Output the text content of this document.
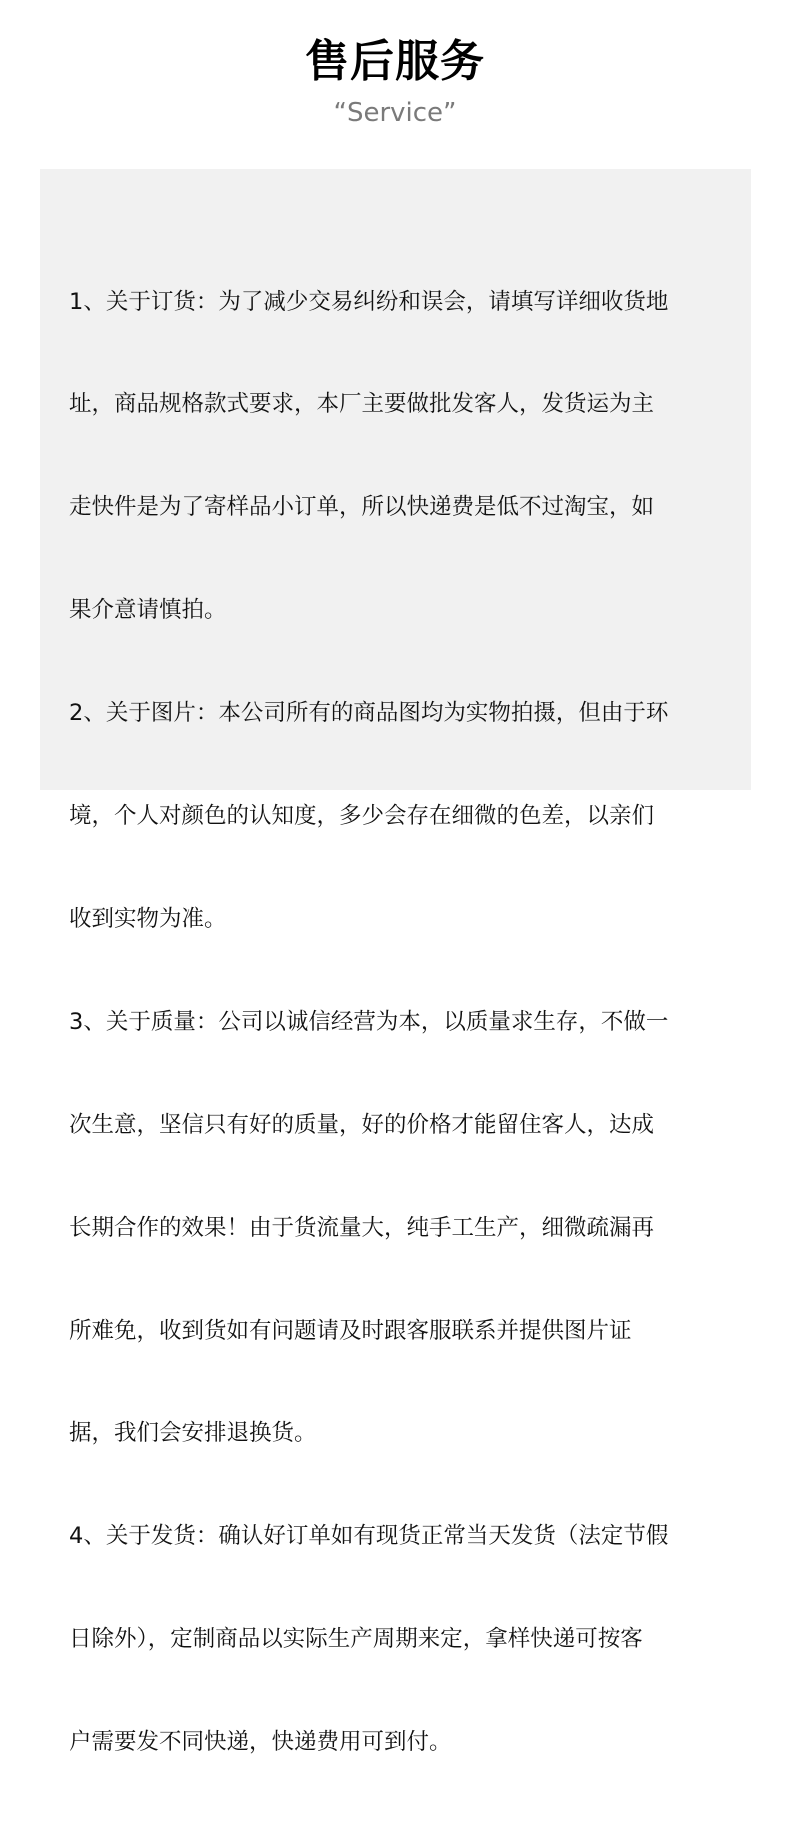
售后服务
“Service”

1、关于订货：为了减少交易纠纷和误会，请填写详细收货地

址，商品规格款式要求，本厂主要做批发客人，发货运为主

走快件是为了寄样品小订单，所以快递费是低不过淘宝，如

果介意请慎拍。

2、关于图片：本公司所有的商品图均为实物拍摄，但由于环

境，个人对颜色的认知度，多少会存在细微的色差，以亲们

收到实物为准。

3、关于质量：公司以诚信经营为本，以质量求生存，不做一

次生意，坚信只有好的质量，好的价格才能留住客人，达成

长期合作的效果！由于货流量大，纯手工生产，细微疏漏再

所难免，收到货如有问题请及时跟客服联系并提供图片证

据，我们会安排退换货。

4、关于发货：确认好订单如有现货正常当天发货（法定节假

日除外），定制商品以实际生产周期来定，拿样快递可按客

户需要发不同快递，快递费用可到付。
